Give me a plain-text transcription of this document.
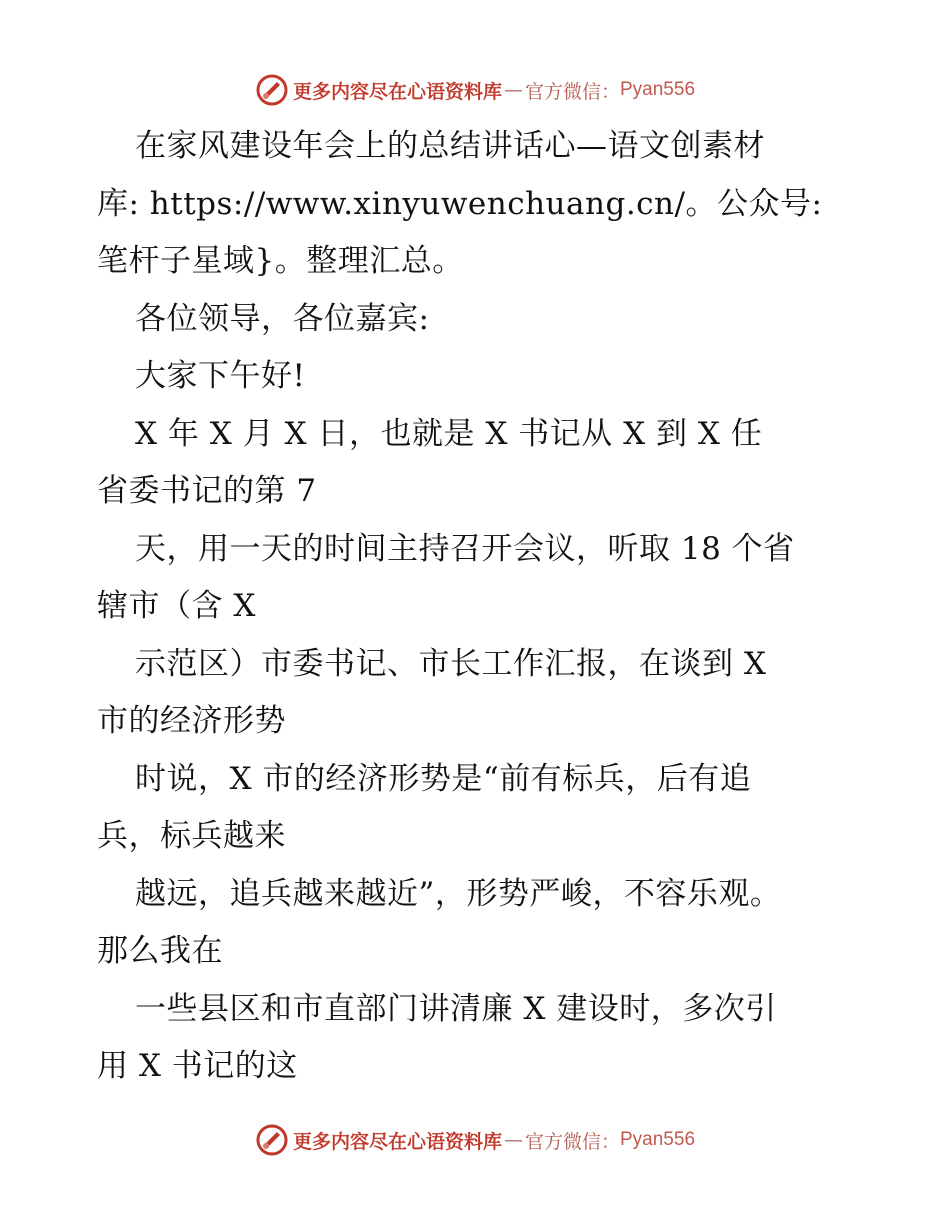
更多内容尽在心语资料库 — 官方微信： Pyan556
在家风建设年会上的总结讲话心—语文创素材
库: https://www.xinyuwenchuang.cn/。公众号:
笔杆子星域}。整理汇总。
各位领导，各位嘉宾:
大家下午好!
X 年 X 月 X 日，也就是 X 书记从 X 到 X 任
省委书记的第 7
天，用一天的时间主持召开会议，听取 18 个省
辖市（含 X
示范区）市委书记、市长工作汇报，在谈到 X
市的经济形势
时说，X 市的经济形势是“前有标兵，后有追
兵，标兵越来
越远，追兵越来越近”，形势严峻，不容乐观。
那么我在
一些县区和市直部门讲清廉 X 建设时，多次引
用 X 书记的这
更多内容尽在心语资料库 — 官方微信： Pyan556
